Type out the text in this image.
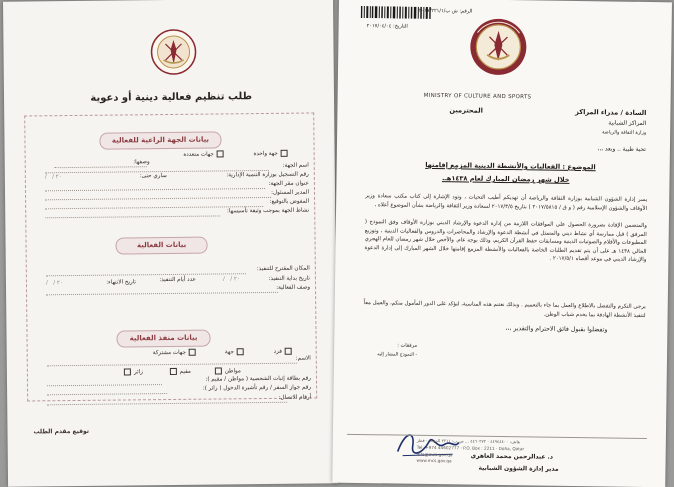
طلب تنظيم فعالية دينية أو دعوية
بيانات الجهة الراعية للفعالية
جهة واحدة
جهات متعددة
وصفها:
اسم الجهة:
رقم التسجيل بوزارة التنمية الإدارية:
ساري حتى:
/   / ٢٠
عنوان مقر الجهة:
المدير المسئول:
المفوض بالتوقيع:
نشاط الجهة بموجب وثيقة تأسيسها:
بيانات الفعالية
المكان المقترح للتنفيذ:
تاريخ بداية التنفيذ:
/   / ٢٠
عدد أيام التنفيذ:
تاريخ الانتهاء:
/   / ٢٠
وصف الفعالية:
بيانات منفذ الفعالية
فرد
جهة
جهات مشتركة
الاسم:
مواطن
مقيم
زائر
رقم بطاقة إثبات الشخصية ( مواطن / مقيم ):
رقم جواز السفر / رقم تأشيرة الدخول ( زائر ):
أرقام الاتصال:
توقيع مقدم الطلب
الرقم: ش ب/٢٠١٧/٢٢١/١
التاريخ: ٢٠١٧/٠٤/٠٤
MINISTRY OF CULTURE AND SPORTS
السادة / مدراء المراكز
المحترمين
المراكز الشبابية
وزارة الثقافة والرياضة
تحية طيبة .. وبعد ،،،
الموضوع : الفعاليات والأنشطة الدينية المزمع إقامتها
خلال شهر رمضان المبارك لعام ١٤٣٨هـ.
يسر إدارة الشؤون الشبابية بوزارة الثقافة والرياضة أن تهديكم أطيب التحيات ، وتود الإشارة إلى كتاب مكتب سعادة وزير الأوقاف والشؤون الإسلامية رقم ( و ق / ٢٠١٧/٥٨١٥ ) بتاريخ ٢٠١٧/٣/٥ لسعادة وزير الثقافة والرياضة بشأن الموضوع أعلاه ،
والمتضمن الإفادة بضرورة الحصول على الموافقات اللازمة من إدارة الدعوة والإرشاد الديني بوزارة الأوقاف وفق النموذج ( المرفق ) قبل ممارسة أي نشاط ديني والمتمثل في أنشطة الدعوة والإرشاد والمحاضرات والدروس والفعاليات الدينية ، وتوزيع المطبوعات والأقلام والصوتيات الدينية ومسابقات حفظ القرآن الكريم، وذلك بوجه عام. والأخص خلال شهر رمضان للعام الهجري الحالي ١٤٣٨ هـ على أن يتم تقديم الطلبات الخاصة بالفعاليات والأنشطة المزمع إقامتها خلال الشهر المبارك إلى إدارة الدعوة والإرشاد الديني في موعد أقصاه ٢٠١٧/٥/١ .
يرجى التكرم والتفضل بالاطلاع والعمل بما جاء بالتعميم . وبذلك نغتنم هذه المناسبة، لنؤكد على الدور المأمول منكم، والعمل معاً لتنفيذ الأنشطة الهادفة بما يخدم شباب الوطن.
وتفضلوا بقبول فائق الاحترام والتقدير ،،،
مرفقات :
- النموذج المشار إليه
د. عبدالرحمن محمد العاهري
مدير إدارة الشؤون الشبابية
هاتف: ٤٤٩٤٤٤٠٠ - ٤٤٦٠٢٧٢ ... ص.ب: ٢٢١١ الدوحة - قطر
Tel: +974 44602777 · P.O. Box : 2211 · Doha, Qatar
info@mcs.gov.qa
www.mcs.gov.qa
